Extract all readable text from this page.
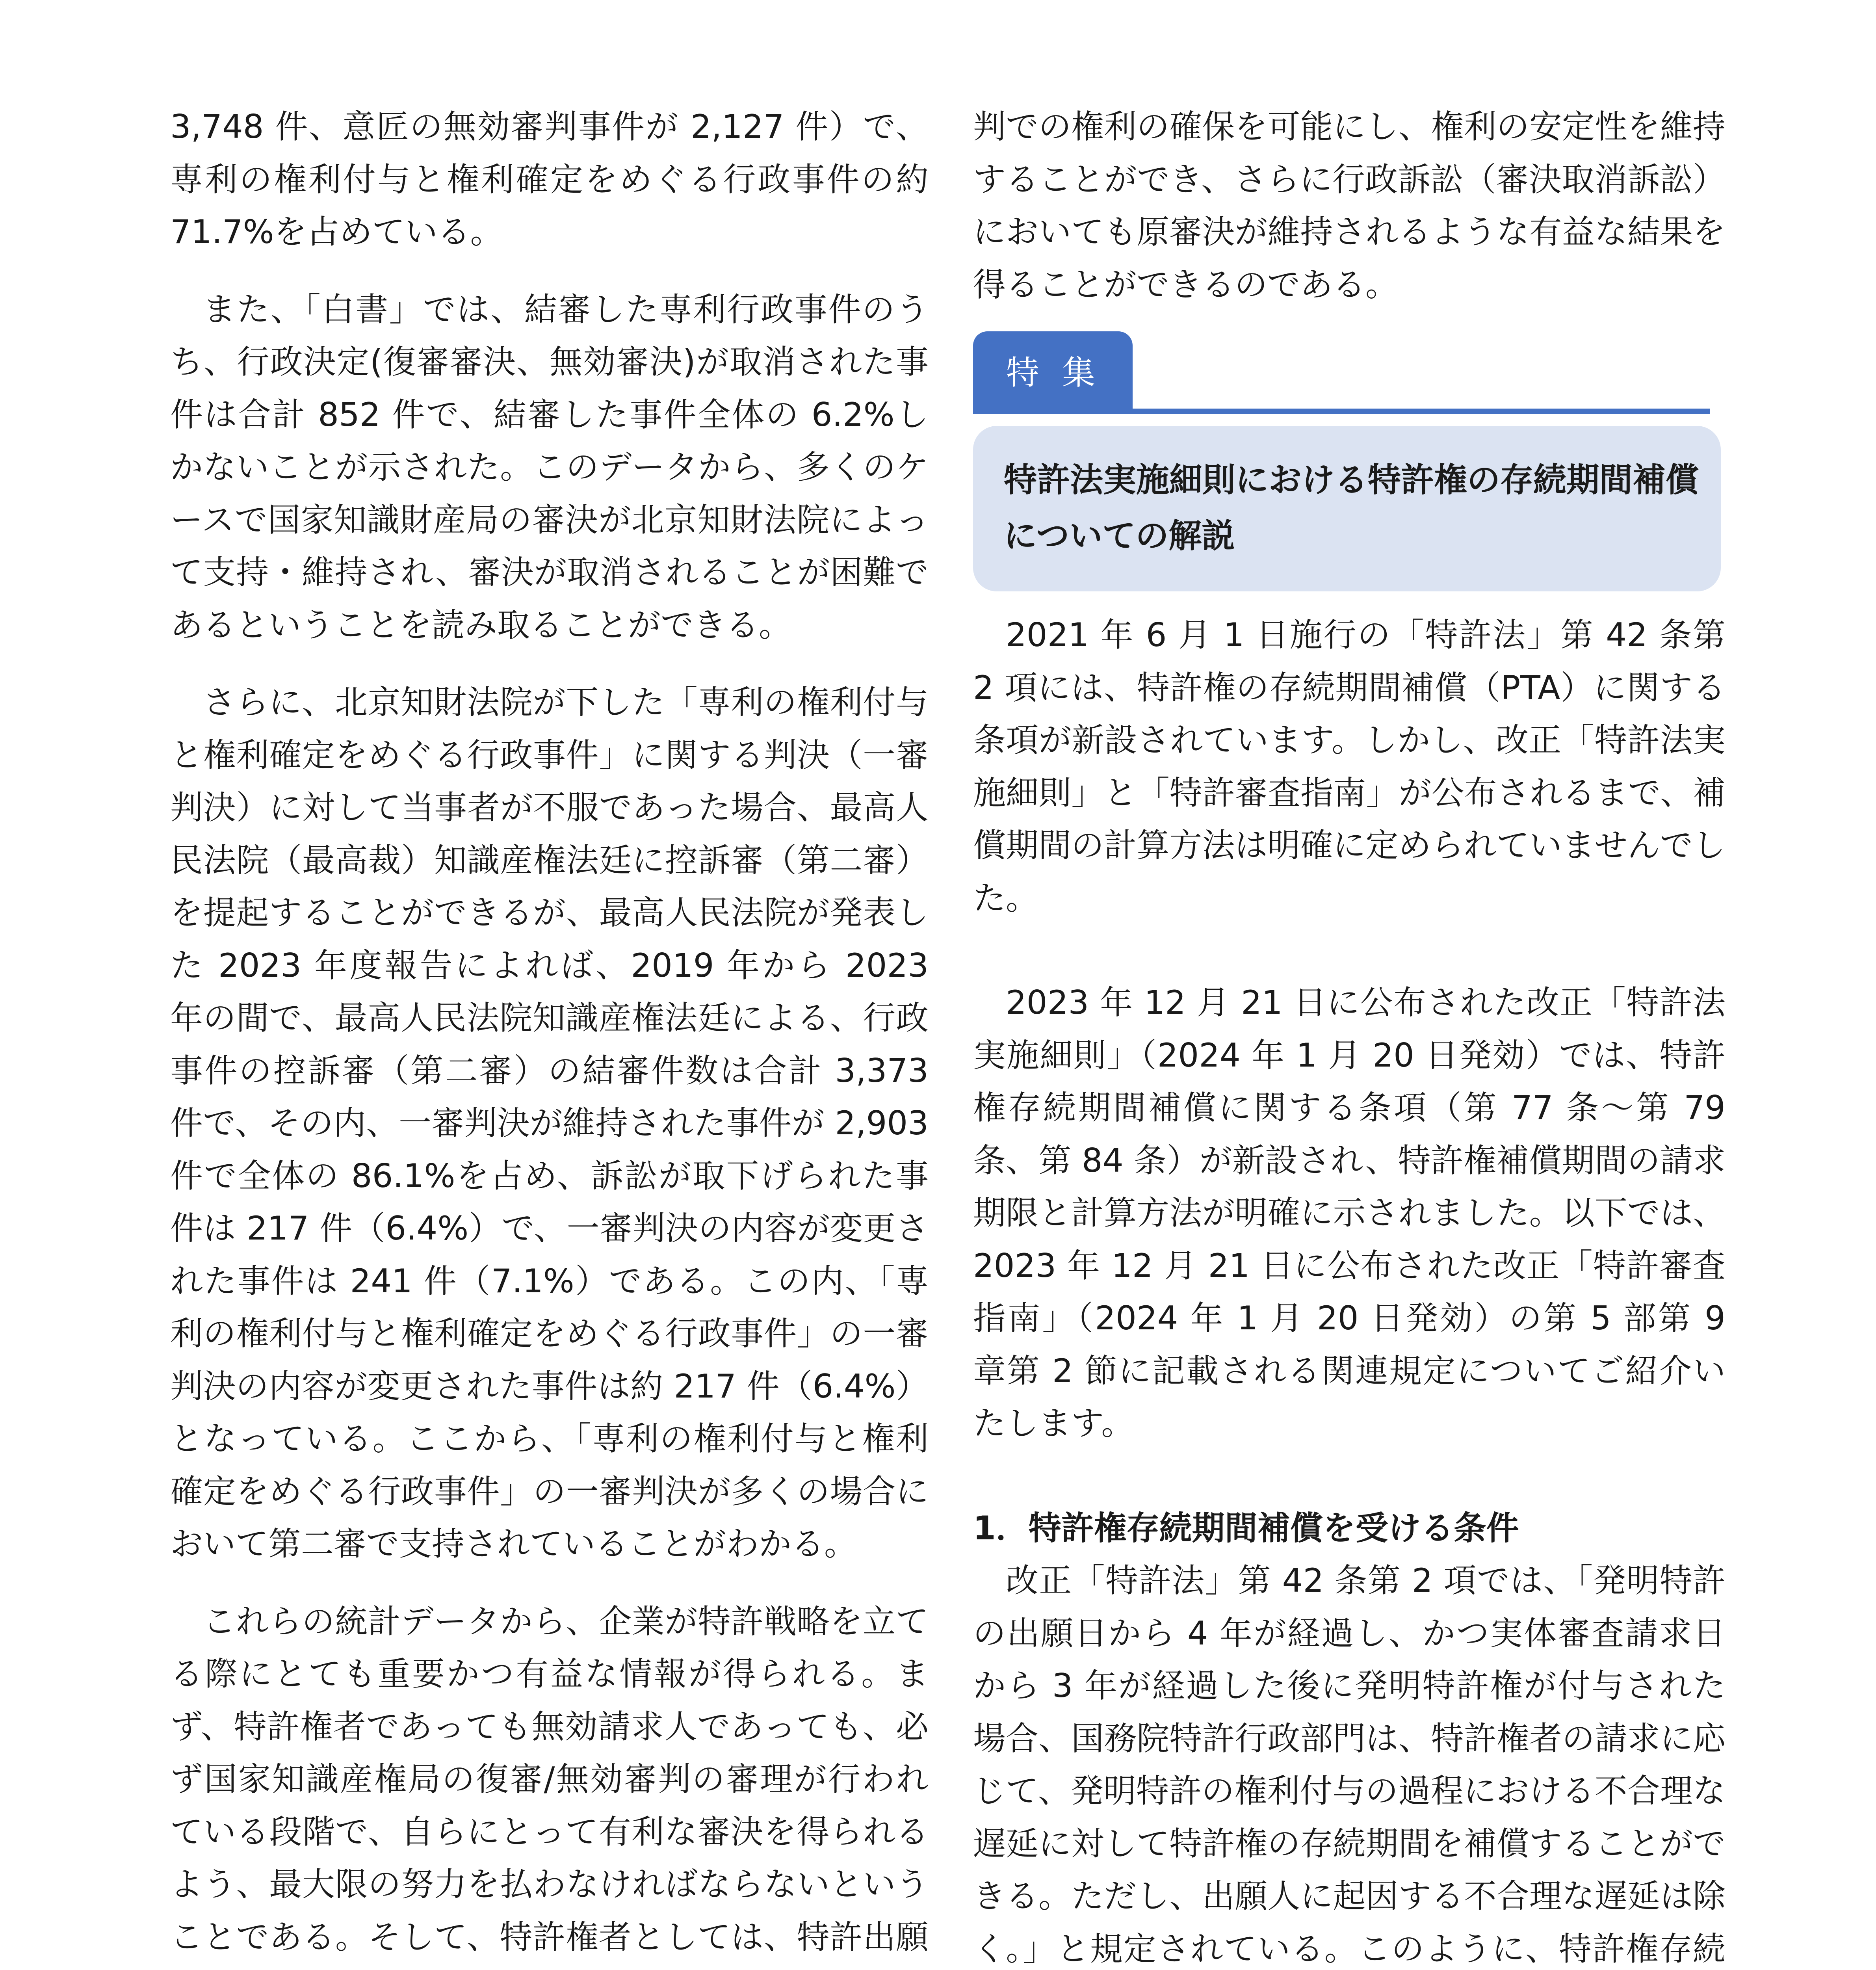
3,748 件、意匠の無効審判事件が 2,127 件）で、専利の権利付与と権利確定をめぐる行政事件の約 71.7%を占めている。

また、「白書」では、結審した専利行政事件のうち、行政決定(復審審決、無効審決)が取消された事件は合計 852 件で、結審した事件全体の 6.2%しかないことが示された。このデータから、多くのケースで国家知識財産局の審決が北京知財法院によって支持・維持され、審決が取消されることが困難であるということを読み取ることができる。

さらに、北京知財法院が下した「専利の権利付与と権利確定をめぐる行政事件」に関する判決（一審判決）に対して当事者が不服であった場合、最高人民法院（最高裁）知識産権法廷に控訴審（第二審）を提起することができるが、最高人民法院が発表した 2023 年度報告によれば、2019 年から 2023 年の間で、最高人民法院知識産権法廷による、行政事件の控訴審（第二審）の結審件数は合計 3,373 件で、その内、一審判決が維持された事件が 2,903 件で全体の 86.1%を占め、訴訟が取下げられた事件は 217 件（6.4%）で、一審判決の内容が変更された事件は 241 件（7.1%）である。この内、「専利の権利付与と権利確定をめぐる行政事件」の一審判決の内容が変更された事件は約 217 件（6.4%）となっている。ここから、「専利の権利付与と権利確定をめぐる行政事件」の一審判決が多くの場合において第二審で支持されていることがわかる。

これらの統計データから、企業が特許戦略を立てる際にとても重要かつ有益な情報が得られる。まず、特許権者であっても無効請求人であっても、必ず国家知識産権局の復審/無効審判の審理が行われている段階で、自らにとって有利な審決を得られるよう、最大限の努力を払わなければならないということである。そして、特許権者としては、特許出願

判での権利の確保を可能にし、権利の安定性を維持することができ、さらに行政訴訟（審決取消訴訟）においても原審決が維持されるような有益な結果を得ることができるのである。

特集
特許法実施細則における特許権の存続期間補償についての解説

2021 年 6 月 1 日施行の「特許法」第 42 条第 2 項には、特許権の存続期間補償（PTA）に関する条項が新設されています。しかし、改正「特許法実施細則」と「特許審査指南」が公布されるまで、補償期間の計算方法は明確に定められていませんでした。

2023 年 12 月 21 日に公布された改正「特許法実施細則」（2024 年 1 月 20 日発効）では、特許権存続期間補償に関する条項（第 77 条～第 79 条、第 84 条）が新設され、特許権補償期間の請求期限と計算方法が明確に示されました。以下では、2023 年 12 月 21 日に公布された改正「特許審査指南」（2024 年 1 月 20 日発効）の第 5 部第 9 章第 2 節に記載される関連規定についてご紹介いたします。

1．特許権存続期間補償を受ける条件

改正「特許法」第 42 条第 2 項では、「発明特許の出願日から 4 年が経過し、かつ実体審査請求日から 3 年が経過した後に発明特許権が付与された場合、国務院特許行政部門は、特許権者の請求に応じて、発明特許の権利付与の過程における不合理な遅延に対して特許権の存続期間を補償することができる。ただし、出願人に起因する不合理な遅延は除く。」と規定されている。このように、特許権存続
